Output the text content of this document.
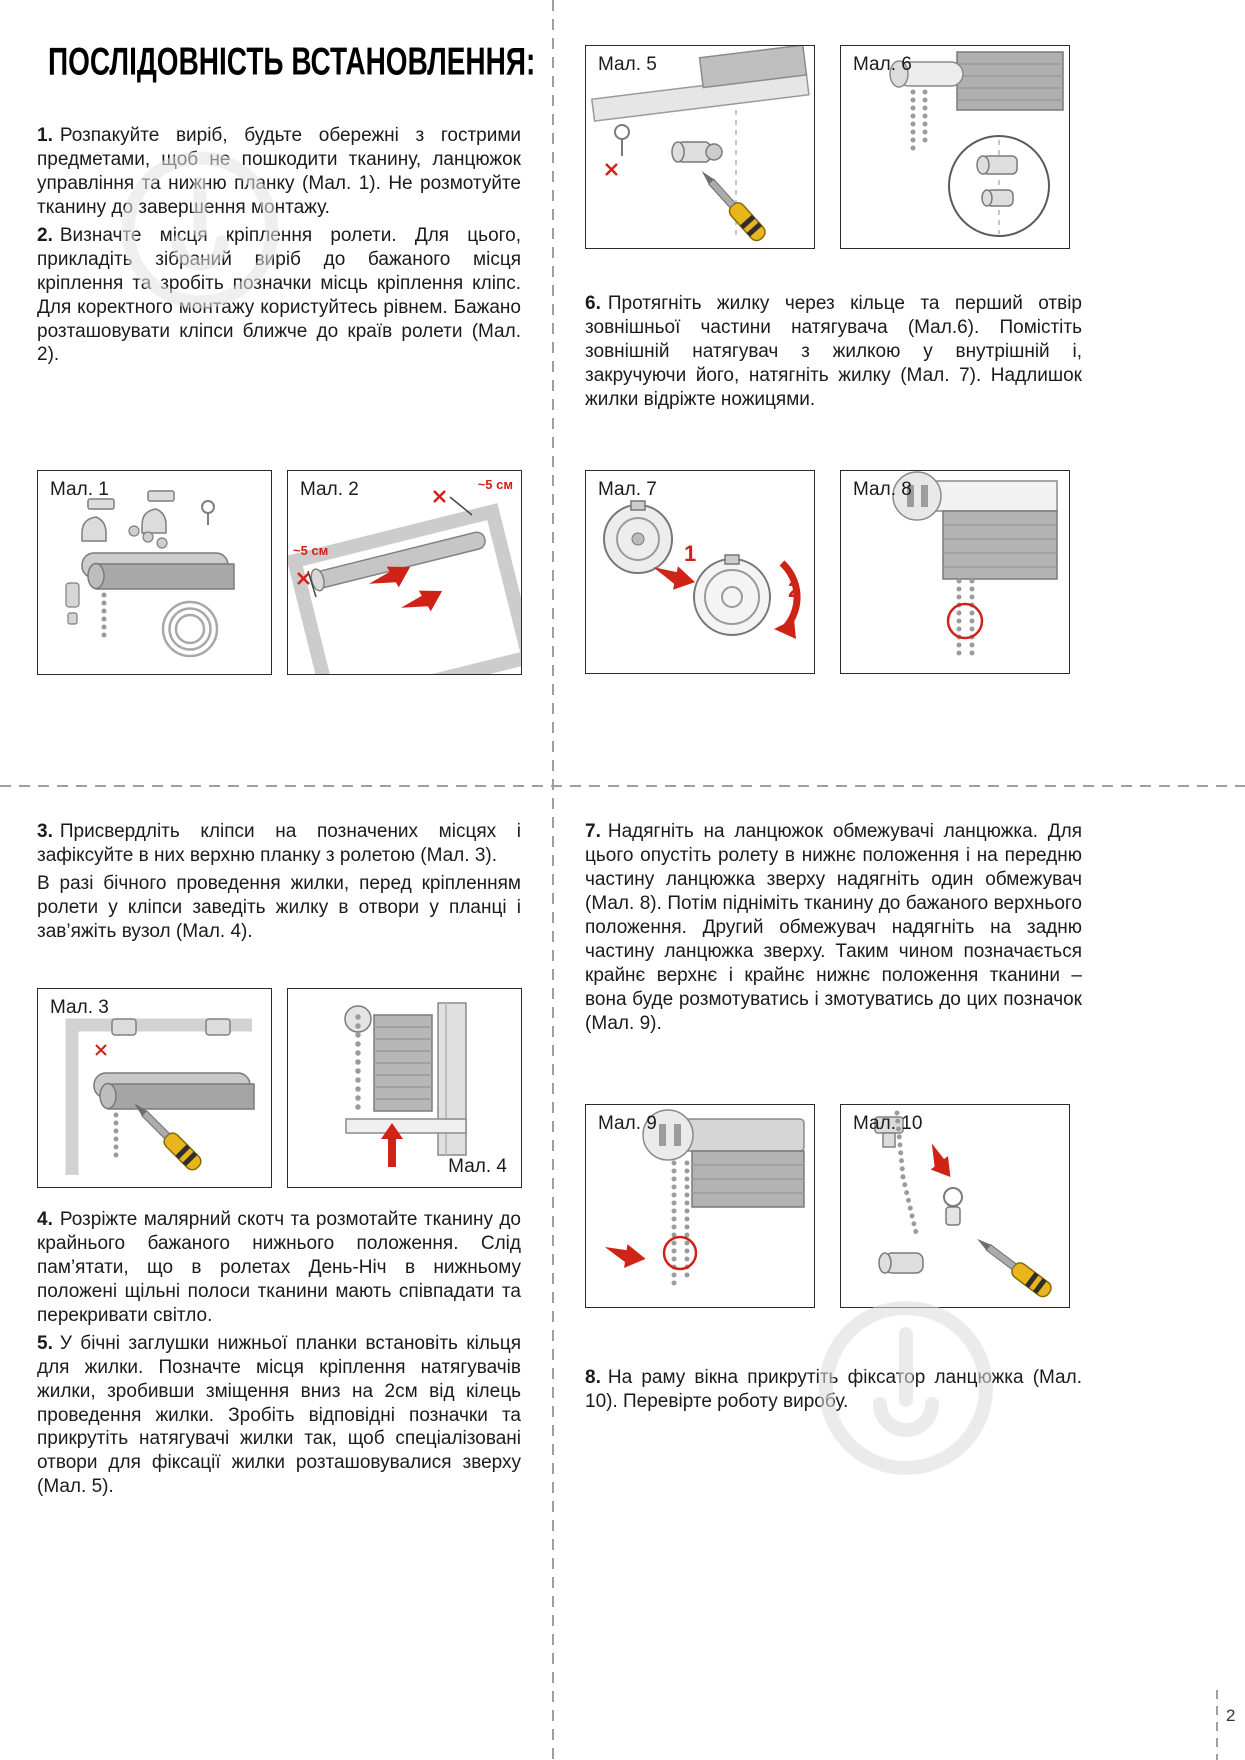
ПОСЛІДОВНІСТЬ ВСТАНОВЛЕННЯ:

1. Розпакуйте виріб, будьте обережні з гострими предметами, щоб не пошкодити тканину, ланцюжок управління та нижню планку (Мал. 1). Не розмотуйте тканину до завершення монтажу.

2. Визначте місця кріплення ролети. Для цього, прикладіть зібраний виріб до бажаного місця кріплення та зробіть позначки місць кріплення кліпс. Для коректного монтажу користуйтесь рівнем. Бажано розташовувати кліпси ближче до країв ролети (Мал. 2).

6. Протягніть жилку через кільце та перший отвір зовнішньої частини натягувача (Мал.6). Помістіть зовнішній натягувач з жилкою у внутрішній і, закручуючи його, натягніть жилку (Мал. 7). Надлишок жилки відріжте ножицями.

3. Присвердліть кліпси на позначених місцях і зафіксуйте в них верхню планку з ролетою (Мал. 3).

В разі бічного проведення жилки, перед кріпленням ролети у кліпси заведіть жилку в отвори у планці і зав’яжіть вузол (Мал. 4).

4. Розріжте малярний скотч та розмотайте тканину до крайнього бажаного нижнього положення. Слід пам’ятати, що в ролетах День-Ніч в нижньому положені щільні полоси тканини мають співпадати та перекривати світло.

5. У бічні заглушки нижньої планки встановіть кільця для жилки. Позначте місця кріплення натягувачів жилки, зробивши зміщення вниз на 2см від кілець проведення жилки. Зробіть відповідні позначки та прикрутіть натягувачі жилки так, щоб спеціалізовані отвори для фіксації жилки розташовувалися зверху (Мал. 5).

7. Надягніть на ланцюжок обмежувачі ланцюжка. Для цього опустіть ролету в нижнє положення і на передню частину ланцюжка зверху надягніть один обмежувач (Мал. 8). Потім підніміть тканину до бажаного верхнього положення. Другий обмежувач надягніть на задню частину ланцюжка зверху. Таким чином позначається крайнє верхнє і крайнє нижнє положення тканини – вона буде розмотуватись і змотуватись до цих позначок (Мал. 9).

8. На раму вікна прикрутіть фіксатор ланцюжка (Мал. 10). Перевірте роботу виробу.

Мал. 1	Мал. 2	~5 см
~5 см
Мал. 3
Мал. 4
Мал. 5	Мал. 6
Мал. 7
1
2
Мал. 8
Мал. 9	Мал. 10
2
